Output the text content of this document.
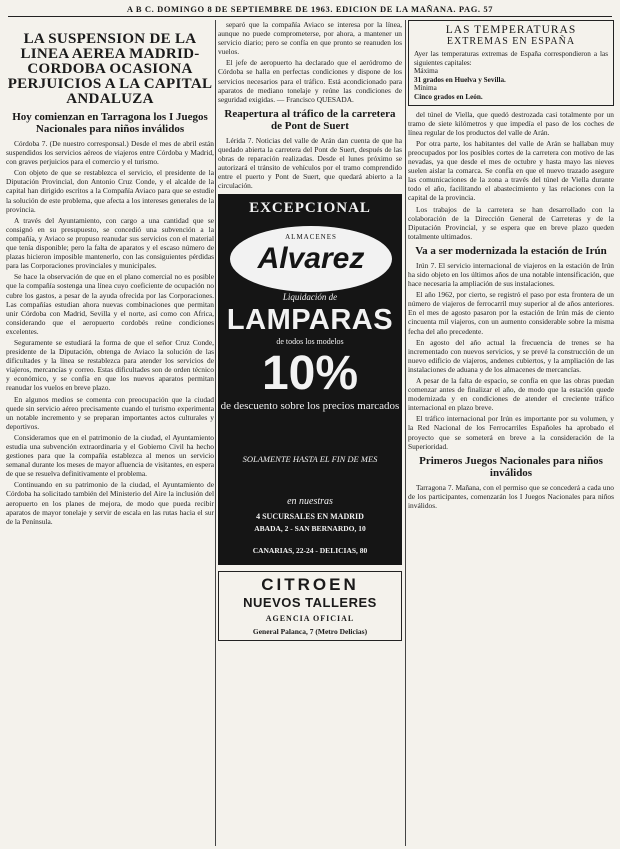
A B C. DOMINGO 8 DE SEPTIEMBRE DE 1963. EDICION DE LA MAÑANA. PAG. 57
LA SUSPENSION DE LA LINEA AEREA MADRID-CORDOBA OCASIONA PERJUICIOS A LA CAPITAL ANDALUZA
Hoy comienzan en Tarragona los I Juegos Nacionales para niños inválidos

Córdoba 7. (De nuestro corresponsal.) Desde el mes de abril están suspendidos los servicios aéreos de viajeros entre Córdoba y Madrid, con graves perjuicios para el comercio y el turismo.

Con objeto de que se restablezca el servicio, el presidente de la Diputación Provincial, don Antonio Cruz Conde, y el alcalde de la capital han dirigido escritos a la Compañía Aviaco para que se estudie la solución de este problema, que afecta a los intereses generales de la provincia.

A través del Ayuntamiento, con cargo a una cantidad que se consignó en su presupuesto, se concedió una subvención a la compañía, y Aviaco se propuso reanudar sus servicios con el material que tenía disponible; pero la falta de aparatos y el escaso número de plazas hicieron imposible mantenerlo, con las consiguientes pérdidas para las Corporaciones provinciales y municipales.

Se hace la observación de que en el plano comercial no es posible que la compañía sostenga una línea cuyo coeficiente de ocupación no cubre los gastos, a pesar de la ayuda ofrecida por las Corporaciones. Las compañías estudian ahora nuevas combinaciones que permitan unir Córdoba con Madrid, Sevilla y el norte, así como con Africa, considerando que el aeropuerto cordobés reúne condiciones excelentes.

Seguramente se estudiará la forma de que el señor Cruz Conde, presidente de la Diputación, obtenga de Aviaco la solución de las dificultades y la línea se restablezca para atender los servicios de viajeros, mercancías y correo. Estas dificultades son de orden técnico y económico, y se confía en que los nuevos aparatos permitan reanudar los vuelos en breve plazo.

En algunos medios se comenta con preocupación que la ciudad quede sin servicio aéreo precisamente cuando el turismo experimenta un notable incremento y se preparan importantes actos culturales y deportivos.

Consideramos que en el patrimonio de la ciudad, el Ayuntamiento estudia una subvención extraordinaria y el Gobierno Civil ha hecho gestiones para que la compañía establezca al menos un servicio semanal durante los meses de mayor afluencia de visitantes, en espera de que se resuelva definitivamente el problema.

Continuando en su patrimonio de la ciudad, el Ayuntamiento de Córdoba ha solicitado también del Ministerio del Aire la inclusión del aeropuerto en los planes de mejora, de modo que pueda recibir aparatos de mayor tonelaje y servir de escala en las rutas hacia el sur de la Península.

separó que la compañía Aviaco se interesa por la línea, aunque no puede comprometerse, por ahora, a mantener un servicio diario; pero se confía en que pronto se reanuden los vuelos.

El jefe de aeropuerto ha declarado que el aeródromo de Córdoba se halla en perfectas condiciones y dispone de los servicios necesarios para el tráfico. Está acondicionado para aparatos de mediano tonelaje y reúne las condiciones de seguridad exigidas. — Francisco QUESADA.

Reapertura al tráfico de la carretera de Pont de Suert

Lérida 7. Noticias del valle de Arán dan cuenta de que ha quedado abierta la carretera del Pont de Suert, después de las obras de reparación realizadas. Desde el lunes próximo se autorizará el tránsito de vehículos por el tramo comprendido entre el puerto y Pont de Suert, que quedará abierto a la circulación.

EXCEPCIONAL
ALMACENES
Alvarez
Liquidación de
LAMPARAS
de todos los modelos
10%
de descuento sobre los precios marcados
SOLAMENTE HASTA EL FIN DE MES
en nuestras
4 SUCURSALES EN MADRID
ABADA, 2 - SAN BERNARDO, 10
CANARIAS, 22-24 - DELICIAS, 80
CITROEN
NUEVOS TALLERES
AGENCIA OFICIAL
General Palanca, 7 (Metro Delicias)
LAS TEMPERATURAS
EXTREMAS EN ESPAÑA
Ayer las temperaturas extremas de España correspondieron a las siguientes capitales:
Máxima
31 grados en Huelva y Sevilla.
Mínima
Cinco grados en León.

del túnel de Viella, que quedó destrozada casi totalmente por un tramo de siete kilómetros y que impedía el paso de los coches de línea regular de los productos del valle de Arán.

Por otra parte, los habitantes del valle de Arán se hallaban muy preocupados por los posibles cortes de la carretera con motivo de las nevadas, ya que desde el mes de octubre y hasta mayo las nieves suelen aislar la comarca. Se confía en que el nuevo trazado asegure las comunicaciones de la zona a través del túnel de Viella durante todo el año, facilitando el abastecimiento y las relaciones con la capital de la provincia.

Los trabajos de la carretera se han desarrollado con la colaboración de la Dirección General de Carreteras y de la Diputación Provincial, y se espera que en breve plazo queden totalmente ultimados.

Va a ser modernizada la estación de Irún

Irún 7. El servicio internacional de viajeros en la estación de Irún ha sido objeto en los últimos años de una notable intensificación, que hace necesaria la ampliación de sus instalaciones.

El año 1962, por cierto, se registró el paso por esta frontera de un número de viajeros de ferrocarril muy superior al de años anteriores. En el mes de agosto pasaron por la estación de Irún más de ciento cincuenta mil viajeros, con un aumento considerable sobre la misma fecha del año precedente.

En agosto del año actual la frecuencia de trenes se ha incrementado con nuevos servicios, y se prevé la construcción de un nuevo edificio de viajeros, andenes cubiertos, y la ampliación de las instalaciones de aduana y de los almacenes de mercancías.

A pesar de la falta de espacio, se confía en que las obras puedan comenzar antes de finalizar el año, de modo que la estación quede modernizada y en condiciones de atender el creciente tráfico internacional en plazo breve.

El tráfico internacional por Irún es importante por su volumen, y la Red Nacional de los Ferrocarriles Españoles ha aprobado el proyecto que se someterá en breve a la consideración de la Superioridad.

Primeros Juegos Nacionales para niños inválidos

Tarragona 7. Mañana, con el permiso que se concederá a cada uno de los participantes, comenzarán los I Juegos Nacionales para niños inválidos.
